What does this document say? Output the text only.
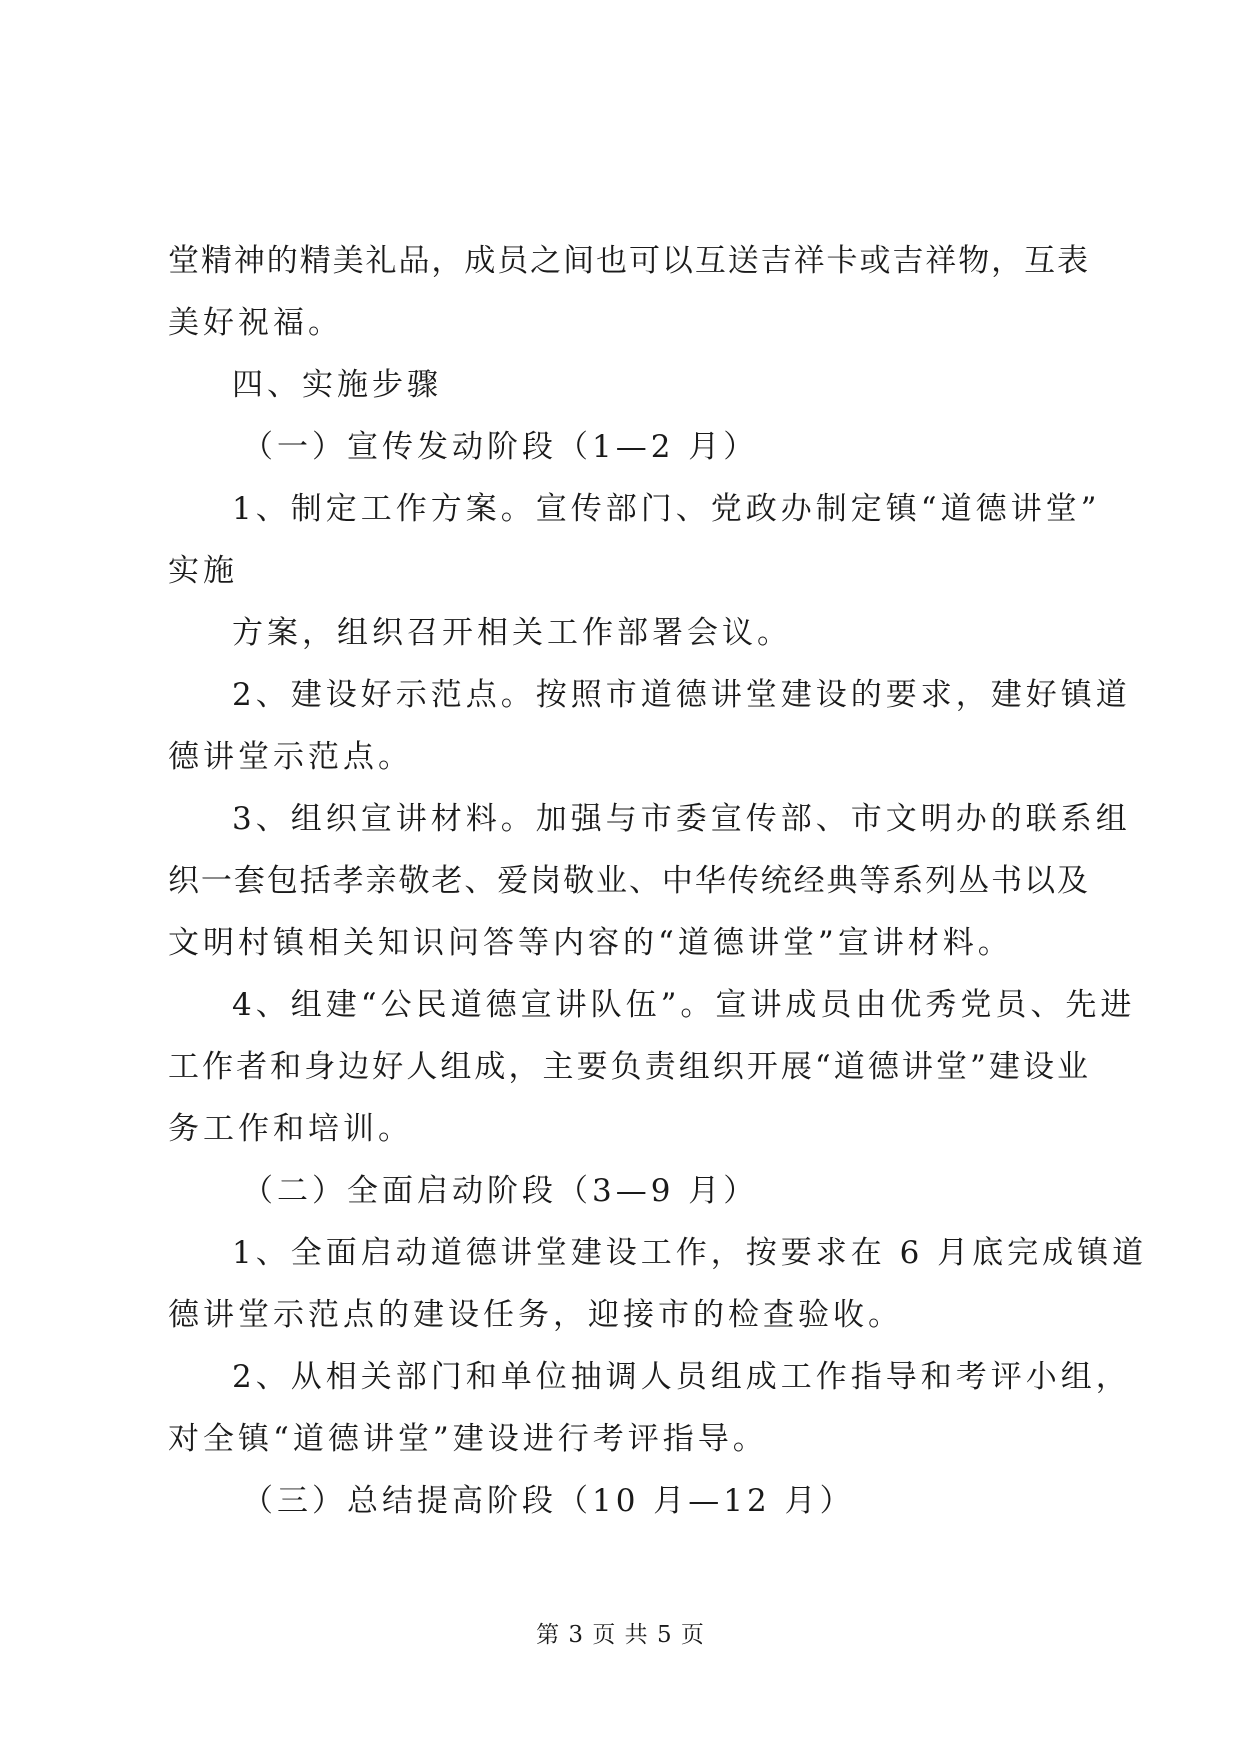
堂精神的精美礼品，成员之间也可以互送吉祥卡或吉祥物，互表
美好祝福。
四、实施步骤
（一）宣传发动阶段（1—2 月）
1、制定工作方案。宣传部门、党政办制定镇“道德讲堂”
实施
方案，组织召开相关工作部署会议。
2、建设好示范点。按照市道德讲堂建设的要求，建好镇道
德讲堂示范点。
3、组织宣讲材料。加强与市委宣传部、市文明办的联系组
织一套包括孝亲敬老、爱岗敬业、中华传统经典等系列丛书以及
文明村镇相关知识问答等内容的“道德讲堂”宣讲材料。
4、组建“公民道德宣讲队伍”。宣讲成员由优秀党员、先进
工作者和身边好人组成，主要负责组织开展“道德讲堂”建设业
务工作和培训。
（二）全面启动阶段（3—9 月）
1、全面启动道德讲堂建设工作，按要求在 6 月底完成镇道
德讲堂示范点的建设任务，迎接市的检查验收。
2、从相关部门和单位抽调人员组成工作指导和考评小组，
对全镇“道德讲堂”建设进行考评指导。
（三）总结提高阶段（10 月—12 月）
第 3 页 共 5 页
